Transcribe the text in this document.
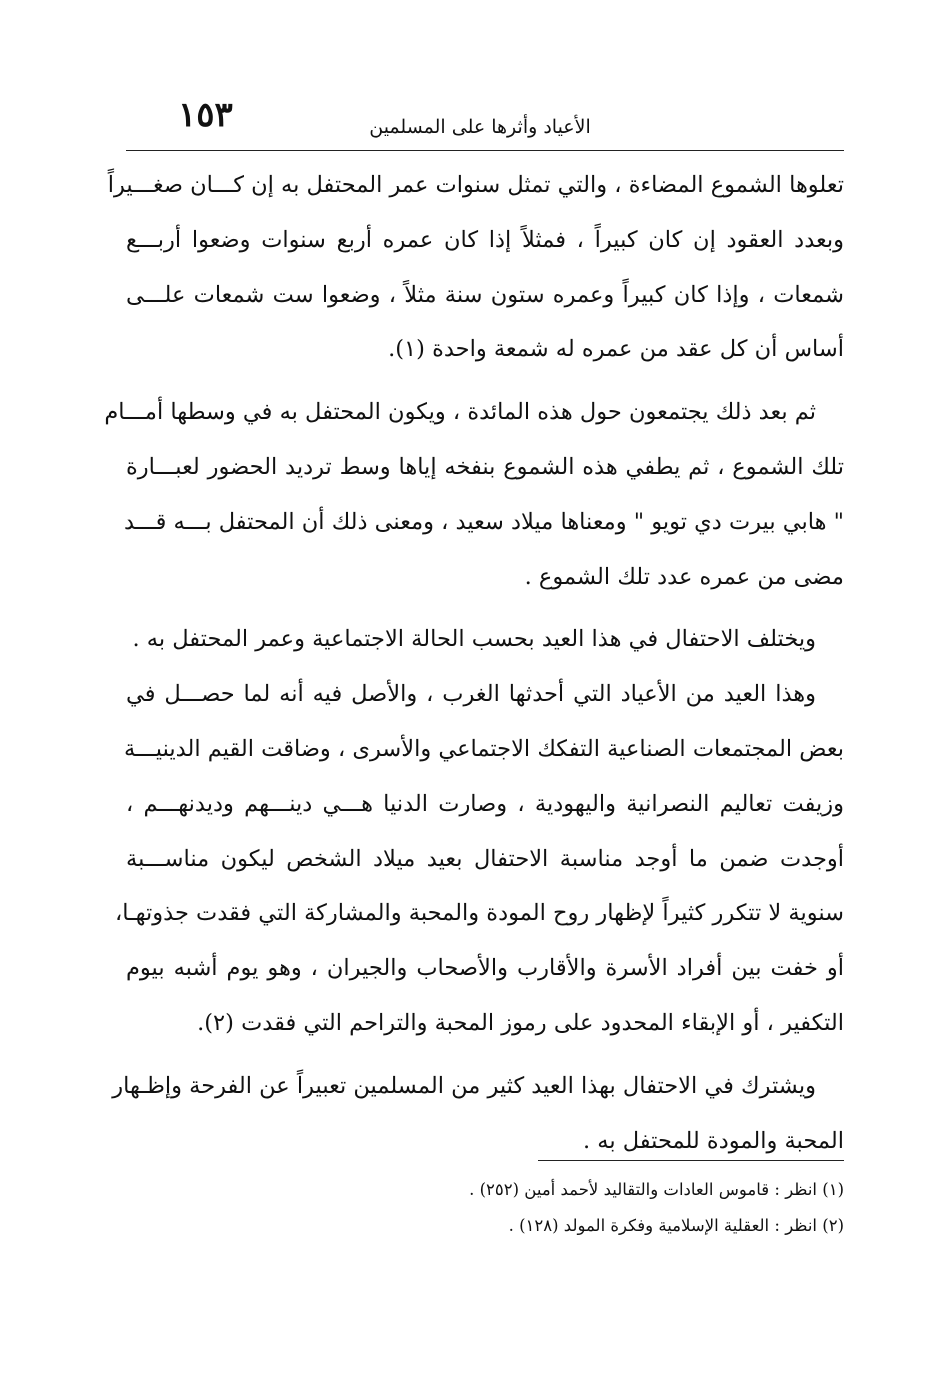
١٥٣	الأعياد وأثرها على المسلمين
تعلوها الشموع المضاءة ، والتي تمثل سنوات عمر المحتفل به إن كـــان صغـــيراً
وبعدد العقود إن كان كبيراً ، فمثلاً إذا كان عمره أربع سنوات وضعوا أربـــع
شمعات ، وإذا كان كبيراً وعمره ستون سنة مثلاً ، وضعوا ست شمعات علـــى
أساس أن كل عقد من عمره له شمعة واحدة (١).
ثم بعد ذلك يجتمعون حول هذه المائدة ، ويكون المحتفل به في وسطها أمـــام
تلك الشموع ، ثم يطفي هذه الشموع بنفخه إياها وسط ترديد الحضور لعبـــارة
" هابي بيرت دي تويو " ومعناها ميلاد سعيد ، ومعنى ذلك أن المحتفل بـــه قـــد
مضى من عمره عدد تلك الشموع .
ويختلف الاحتفال في هذا العيد بحسب الحالة الاجتماعية وعمر المحتفل به .
وهذا العيد من الأعياد التي أحدثها الغرب ، والأصل فيه أنه لما حصـــل في
بعض المجتمعات الصناعية التفكك الاجتماعي والأسرى ، وضاقت القيم الدينيـــة
وزيفت تعاليم النصرانية واليهودية ، وصارت الدنيا هـــي دينـــهم وديدنهـــم ،
أوجدت ضمن ما أوجد مناسبة الاحتفال بعيد ميلاد الشخص ليكون مناســـبة
سنوية لا تتكرر كثيراً لإظهار روح المودة والمحبة والمشاركة التي فقدت جذوتهـا،
أو خفت بين أفراد الأسرة والأقارب والأصحاب والجيران ، وهو يوم أشبه بيوم
التكفير ، أو الإبقاء المحدود على رموز المحبة والتراحم التي فقدت (٢).
ويشترك في الاحتفال بهذا العيد كثير من المسلمين تعبيراً عن الفرحة وإظـهار
المحبة والمودة للمحتفل به .
(١) انظر : قاموس العادات والتقاليد لأحمد أمين (٢٥٢) .
(٢) انظر : العقلية الإسلامية وفكرة المولد (١٢٨) .
